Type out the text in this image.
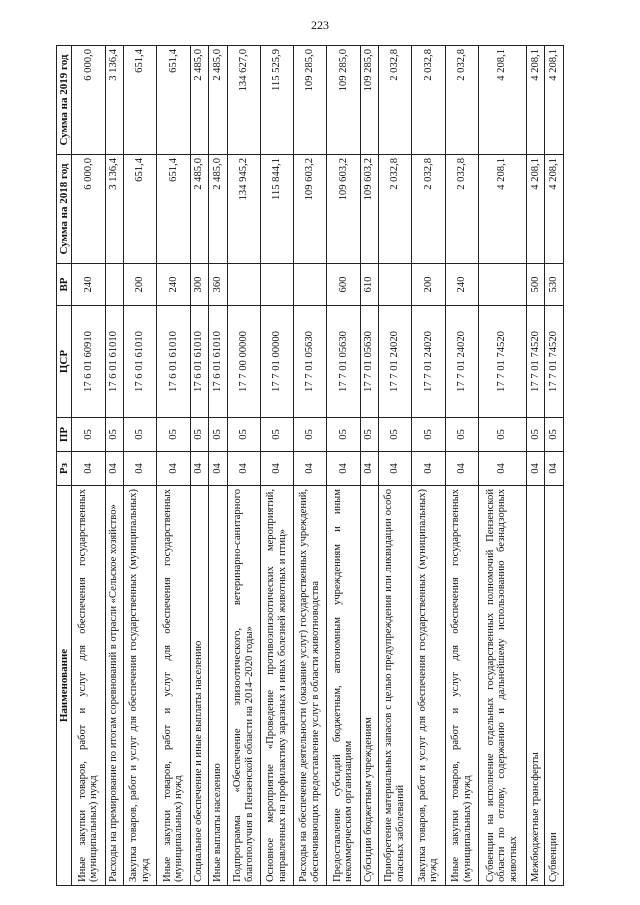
223
Наименование	Рз	ПР	ЦСР	ВР	Сумма на 2018 год	Сумма на 2019 год
Иные закупки товаров, работ и услуг для обеспечения государственных (муниципальных) нужд	04	05	17 6 01 60910	240	6 000,0	6 000,0
Расходы на премирование по итогам соревнований в отрасли «Сельское хозяйство»	04	05	17 6 01 61010		3 136,4	3 136,4
Закупка товаров, работ и услуг для обеспечения государственных (муниципальных) нужд	04	05	17 6 01 61010	200	651,4	651,4
Иные закупки товаров, работ и услуг для обеспечения государственных (муниципальных) нужд	04	05	17 6 01 61010	240	651,4	651,4
Социальное обеспечение и иные выплаты населению	04	05	17 6 01 61010	300	2 485,0	2 485,0
Иные выплаты населению	04	05	17 6 01 61010	360	2 485,0	2 485,0
Подпрограмма «Обеспечение эпизоотического, ветеринарно-санитарного благополучия в Пензенской области на 2014–2020 годы»	04	05	17 7 00 00000		134 945,2	134 627,0
Основное мероприятие «Проведение противоэпизоотических мероприятий, направленных на профилактику заразных и иных болезней животных и птиц»	04	05	17 7 01 00000		115 844,1	115 525,9
Расходы на обеспечение деятельности (оказание услуг) государственных учреждений, обеспечивающих предоставление услуг в области животноводства	04	05	17 7 01 05630		109 603,2	109 285,0
Предоставление субсидий бюджетным, автономным учреждениям и иным некоммерческим организациям	04	05	17 7 01 05630	600	109 603,2	109 285,0
Субсидии бюджетным учреждениям	04	05	17 7 01 05630	610	109 603,2	109 285,0
Приобретение материальных запасов с целью предупреждения или ликвидации особо опасных заболеваний	04	05	17 7 01 24020		2 032,8	2 032,8
Закупка товаров, работ и услуг для обеспечения государственных (муниципальных) нужд	04	05	17 7 01 24020	200	2 032,8	2 032,8
Иные закупки товаров, работ и услуг для обеспечения государственных (муниципальных) нужд	04	05	17 7 01 24020	240	2 032,8	2 032,8
Субвенции на исполнение отдельных государственных полномочий Пензенской области по отлову, содержанию и дальнейшему использованию безнадзорных животных	04	05	17 7 01 74520		4 208,1	4 208,1
Межбюджетные трансферты	04	05	17 7 01 74520	500	4 208,1	4 208,1
Субвенции	04	05	17 7 01 74520	530	4 208,1	4 208,1
